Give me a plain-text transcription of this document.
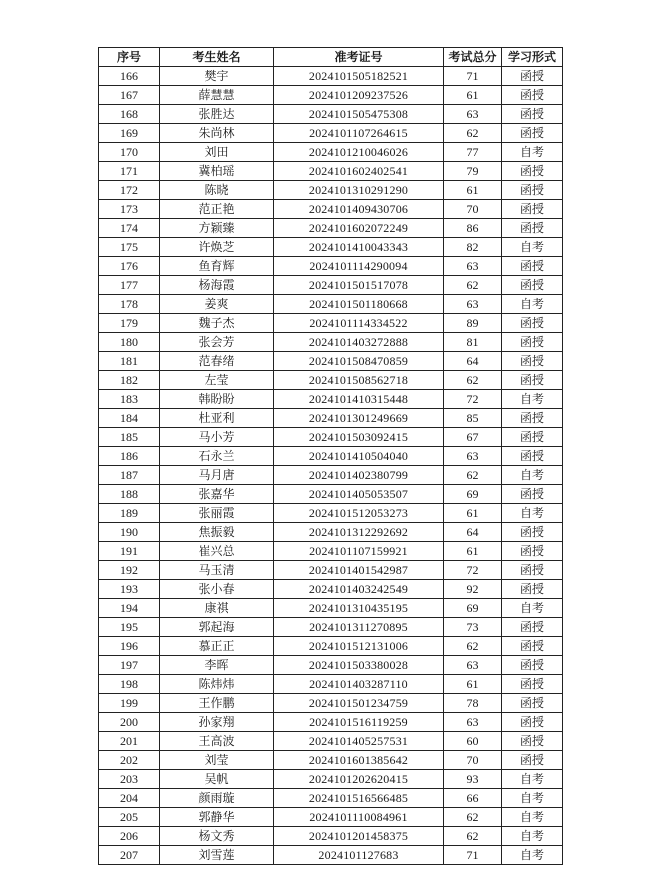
序号	考生姓名	准考证号	考试总分	学习形式
166	樊宇	2024101505182521	71	函授
167	薛慧慧	2024101209237526	61	函授
168	张胜达	2024101505475308	63	函授
169	朱尚林	2024101107264615	62	函授
170	刘田	2024101210046026	77	自考
171	冀柏瑶	2024101602402541	79	函授
172	陈晓	2024101310291290	61	函授
173	范正艳	2024101409430706	70	函授
174	方颖臻	2024101602072249	86	函授
175	许焕芝	2024101410043343	82	自考
176	鱼育辉	2024101114290094	63	函授
177	杨海霞	2024101501517078	62	函授
178	姜爽	2024101501180668	63	自考
179	魏子杰	2024101114334522	89	函授
180	张会芳	2024101403272888	81	函授
181	范春绪	2024101508470859	64	函授
182	左莹	2024101508562718	62	函授
183	韩盼盼	2024101410315448	72	自考
184	杜亚利	2024101301249669	85	函授
185	马小芳	2024101503092415	67	函授
186	石永兰	2024101410504040	63	函授
187	马月唐	2024101402380799	62	自考
188	张嘉华	2024101405053507	69	函授
189	张丽霞	2024101512053273	61	自考
190	焦振毅	2024101312292692	64	函授
191	崔兴总	2024101107159921	61	函授
192	马玉清	2024101401542987	72	函授
193	张小春	2024101403242549	92	函授
194	康祺	2024101310435195	69	自考
195	郭起海	2024101311270895	73	函授
196	慕正正	2024101512131006	62	函授
197	李晖	2024101503380028	63	函授
198	陈炜炜	2024101403287110	61	函授
199	王作鹏	2024101501234759	78	函授
200	孙家翔	2024101516119259	63	函授
201	王高波	2024101405257531	60	函授
202	刘莹	2024101601385642	70	函授
203	吴帆	2024101202620415	93	自考
204	颜雨璇	2024101516566485	66	自考
205	郭静华	2024101110084961	62	自考
206	杨文秀	2024101201458375	62	自考
207	刘雪莲	2024101127683	71	自考
